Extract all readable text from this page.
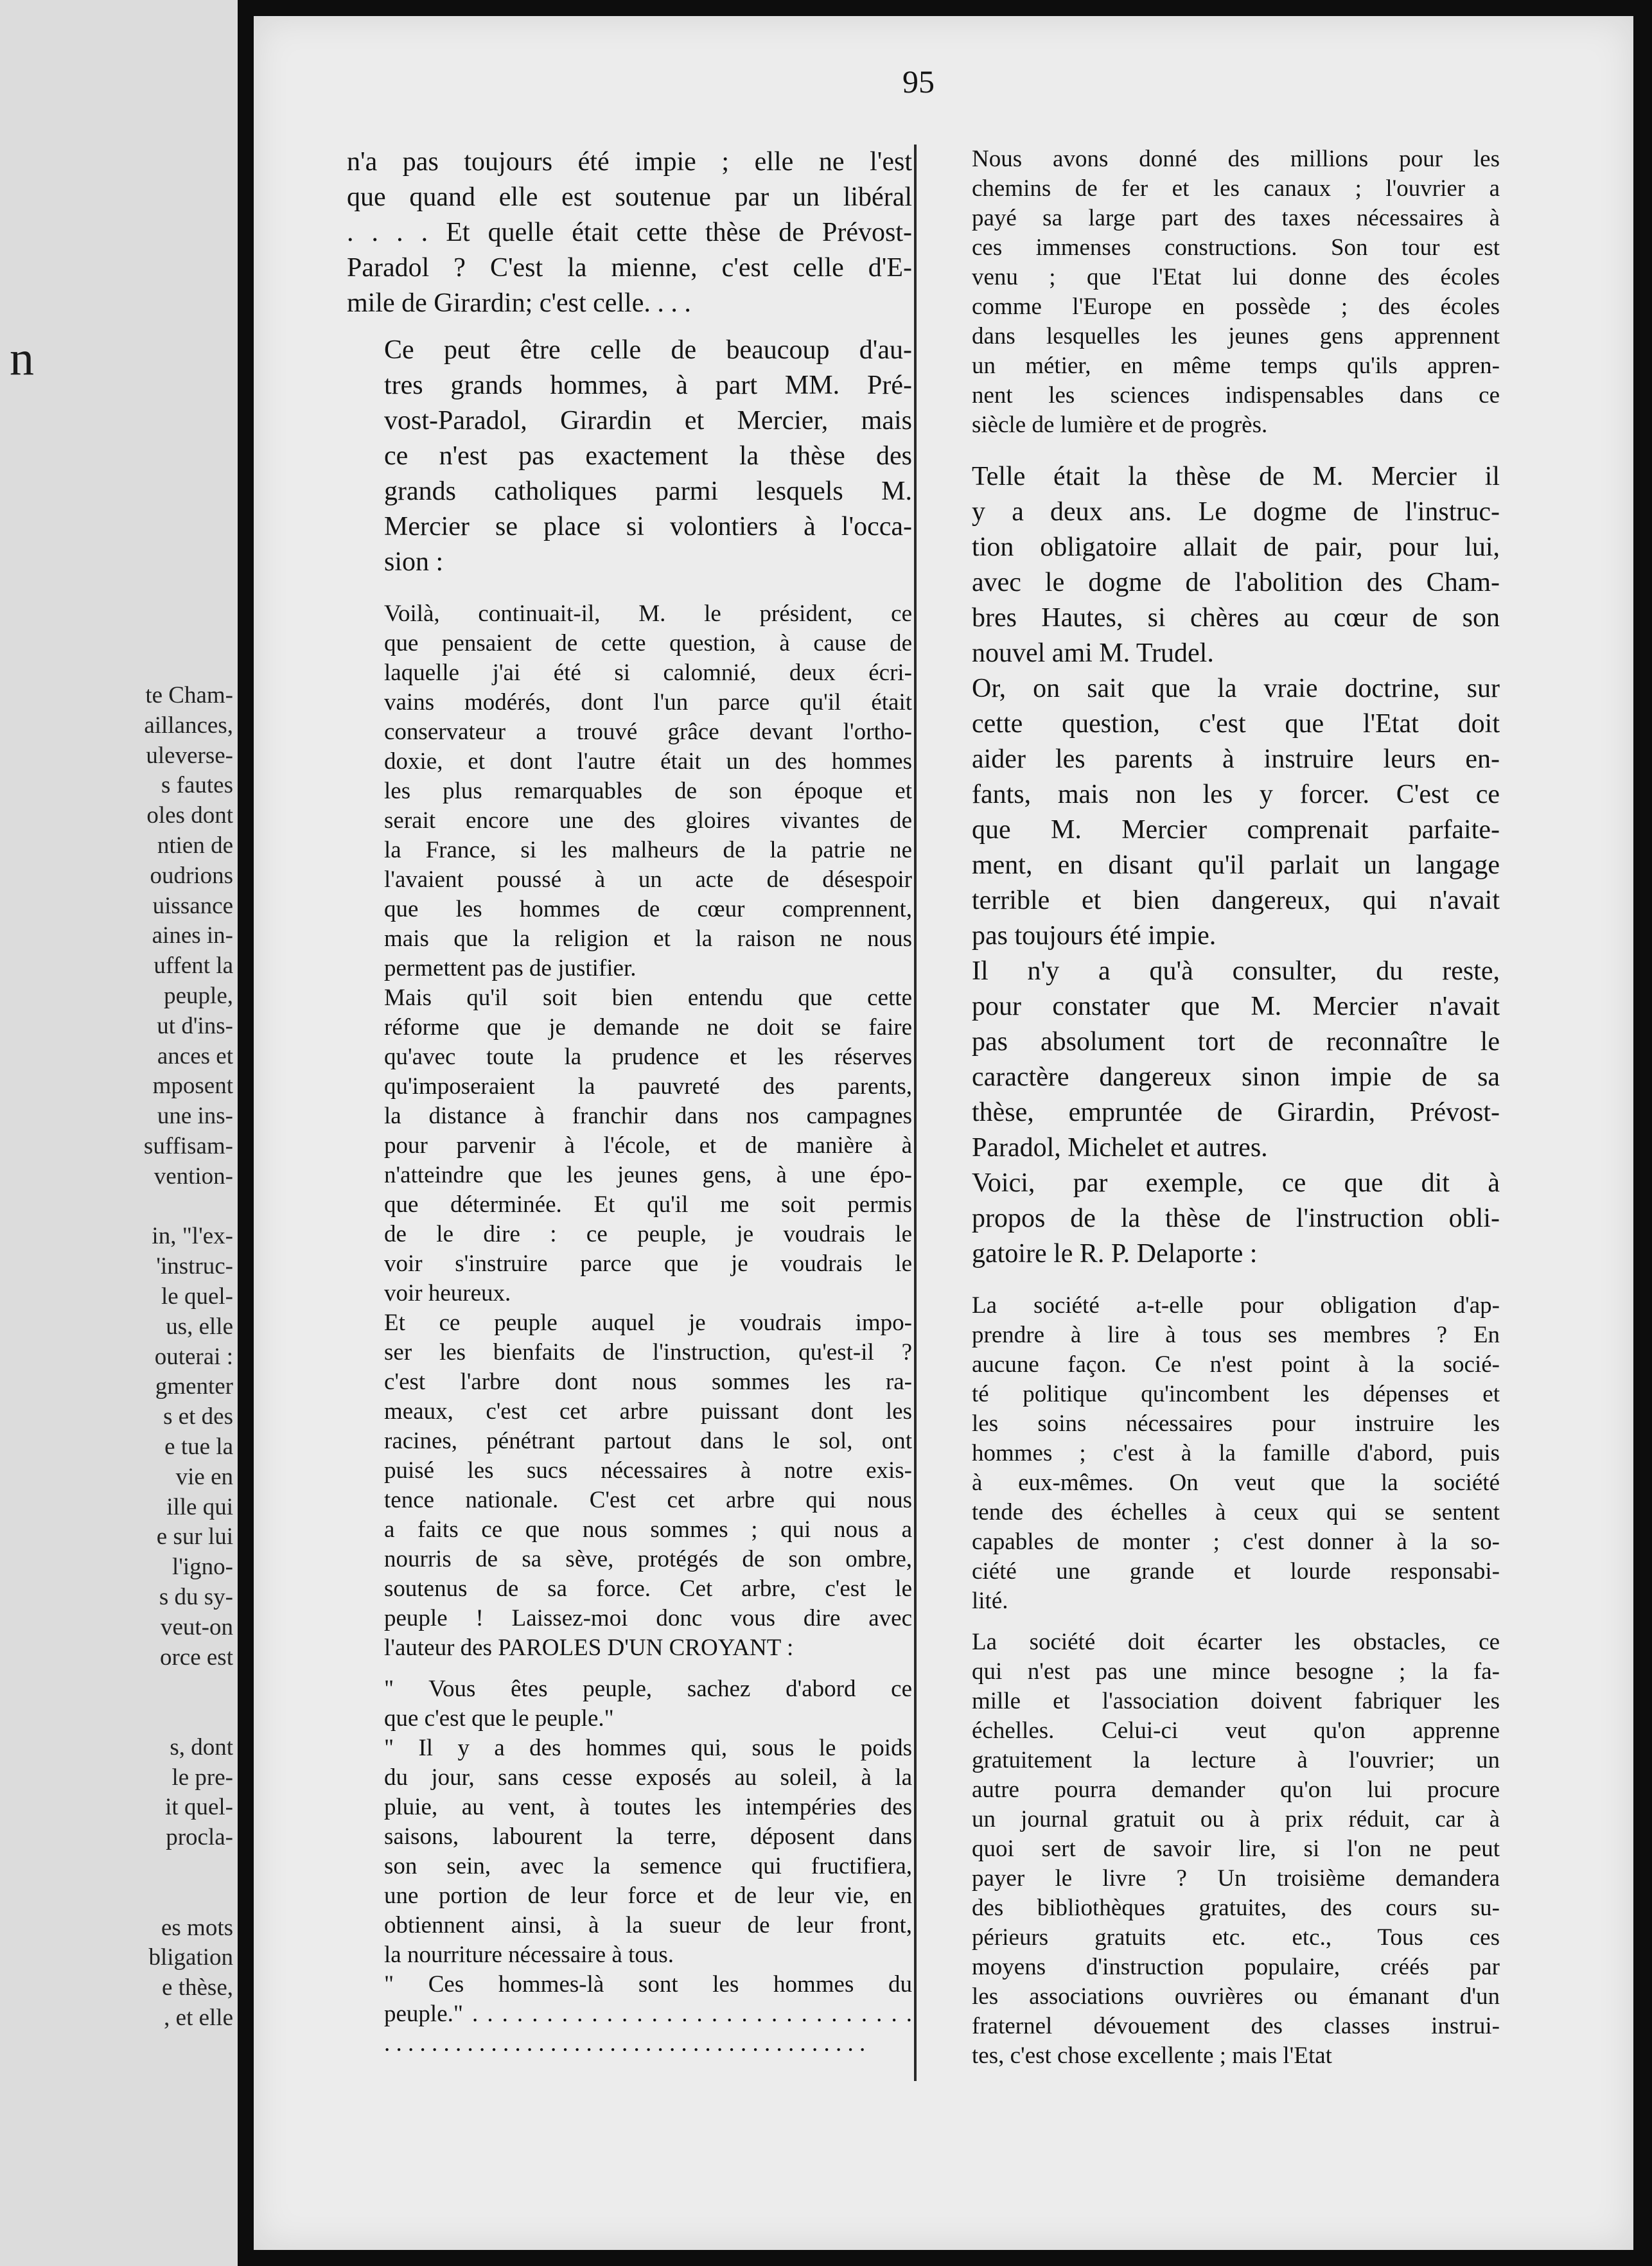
n
te Cham-
aillances,
uleverse-
s fautes
oles dont
ntien de
oudrions
uissance
aines in-
uffent la
peuple,
ut d'ins-
ances et
mposent
une ins-
suffisam-
vention-

in, "l'ex-
'instruc-
le quel-
us, elle
outerai :
gmenter
s et des
e tue la
vie en
ille qui
e sur lui
l'igno-
s du sy-
veut-on
orce est

s, dont
le pre-
it quel-
procla-

es mots
bligation
e thèse,
, et elle
95
n'a pas toujours été impie ; elle ne l'est
que quand elle est soutenue par un libéral
. . . . Et quelle était cette thèse de Prévost-
Paradol ? C'est la mienne, c'est celle d'E-
mile de Girardin; c'est celle. . . .
Ce peut être celle de beaucoup d'au-
tres grands hommes, à part MM. Pré-
vost-Paradol, Girardin et Mercier, mais
ce n'est pas exactement la thèse des
grands catholiques parmi lesquels M.
Mercier se place si volontiers à l'occa-
sion :
Voilà, continuait-il, M. le président, ce
que pensaient de cette question, à cause de
laquelle j'ai été si calomnié, deux écri-
vains modérés, dont l'un parce qu'il était
conservateur a trouvé grâce devant l'ortho-
doxie, et dont l'autre était un des hommes
les plus remarquables de son époque et
serait encore une des gloires vivantes de
la France, si les malheurs de la patrie ne
l'avaient poussé à un acte de désespoir
que les hommes de cœur comprennent,
mais que la religion et la raison ne nous
permettent pas de justifier.
Mais qu'il soit bien entendu que cette
réforme que je demande ne doit se faire
qu'avec toute la prudence et les réserves
qu'imposeraient la pauvreté des parents,
la distance à franchir dans nos campagnes
pour parvenir à l'école, et de manière à
n'atteindre que les jeunes gens, à une épo-
que déterminée. Et qu'il me soit permis
de le dire : ce peuple, je voudrais le
voir s'instruire parce que je voudrais le
voir heureux.
Et ce peuple auquel je voudrais impo-
ser les bienfaits de l'instruction, qu'est-il ?
c'est l'arbre dont nous sommes les ra-
meaux, c'est cet arbre puissant dont les
racines, pénétrant partout dans le sol, ont
puisé les sucs nécessaires à notre exis-
tence nationale. C'est cet arbre qui nous
a faits ce que nous sommes ; qui nous a
nourris de sa sève, protégés de son ombre,
soutenus de sa force. Cet arbre, c'est le
peuple ! Laissez-moi donc vous dire avec
l'auteur des PAROLES D'UN CROYANT :
" Vous êtes peuple, sachez d'abord ce
que c'est que le peuple."
" Il y a des hommes qui, sous le poids
du jour, sans cesse exposés au soleil, à la
pluie, au vent, à toutes les intempéries des
saisons, labourent la terre, déposent dans
son sein, avec la semence qui fructifiera,
une portion de leur force et de leur vie, en
obtiennent ainsi, à la sueur de leur front,
la nourriture nécessaire à tous.
" Ces hommes-là sont les hommes du
peuple." . . . . . . . . . . . . . . . . . . . . . . . . . . . . . .
. . . . . . . . . . . . . . . . . . . . . . . . . . . . . . . . . . . . . . . . .
Nous avons donné des millions pour les
chemins de fer et les canaux ; l'ouvrier a
payé sa large part des taxes nécessaires à
ces immenses constructions. Son tour est
venu ; que l'Etat lui donne des écoles
comme l'Europe en possède ; des écoles
dans lesquelles les jeunes gens apprennent
un métier, en même temps qu'ils appren-
nent les sciences indispensables dans ce
siècle de lumière et de progrès.
Telle était la thèse de M. Mercier il
y a deux ans. Le dogme de l'instruc-
tion obligatoire allait de pair, pour lui,
avec le dogme de l'abolition des Cham-
bres Hautes, si chères au cœur de son
nouvel ami M. Trudel.
Or, on sait que la vraie doctrine, sur
cette question, c'est que l'Etat doit
aider les parents à instruire leurs en-
fants, mais non les y forcer. C'est ce
que M. Mercier comprenait parfaite-
ment, en disant qu'il parlait un langage
terrible et bien dangereux, qui n'avait
pas toujours été impie.
Il n'y a qu'à consulter, du reste,
pour constater que M. Mercier n'avait
pas absolument tort de reconnaître le
caractère dangereux sinon impie de sa
thèse, empruntée de Girardin, Prévost-
Paradol, Michelet et autres.
Voici, par exemple, ce que dit à
propos de la thèse de l'instruction obli-
gatoire le R. P. Delaporte :
La société a-t-elle pour obligation d'ap-
prendre à lire à tous ses membres ? En
aucune façon. Ce n'est point à la socié-
té politique qu'incombent les dépenses et
les soins nécessaires pour instruire les
hommes ; c'est à la famille d'abord, puis
à eux-mêmes. On veut que la société
tende des échelles à ceux qui se sentent
capables de monter ; c'est donner à la so-
ciété une grande et lourde responsabi-
lité.
La société doit écarter les obstacles, ce
qui n'est pas une mince besogne ; la fa-
mille et l'association doivent fabriquer les
échelles. Celui-ci veut qu'on apprenne
gratuitement la lecture à l'ouvrier; un
autre pourra demander qu'on lui procure
un journal gratuit ou à prix réduit, car à
quoi sert de savoir lire, si l'on ne peut
payer le livre ? Un troisième demandera
des bibliothèques gratuites, des cours su-
périeurs gratuits etc. etc., Tous ces
moyens d'instruction populaire, créés par
les associations ouvrières ou émanant d'un
fraternel dévouement des classes instrui-
tes, c'est chose excellente ; mais l'Etat
